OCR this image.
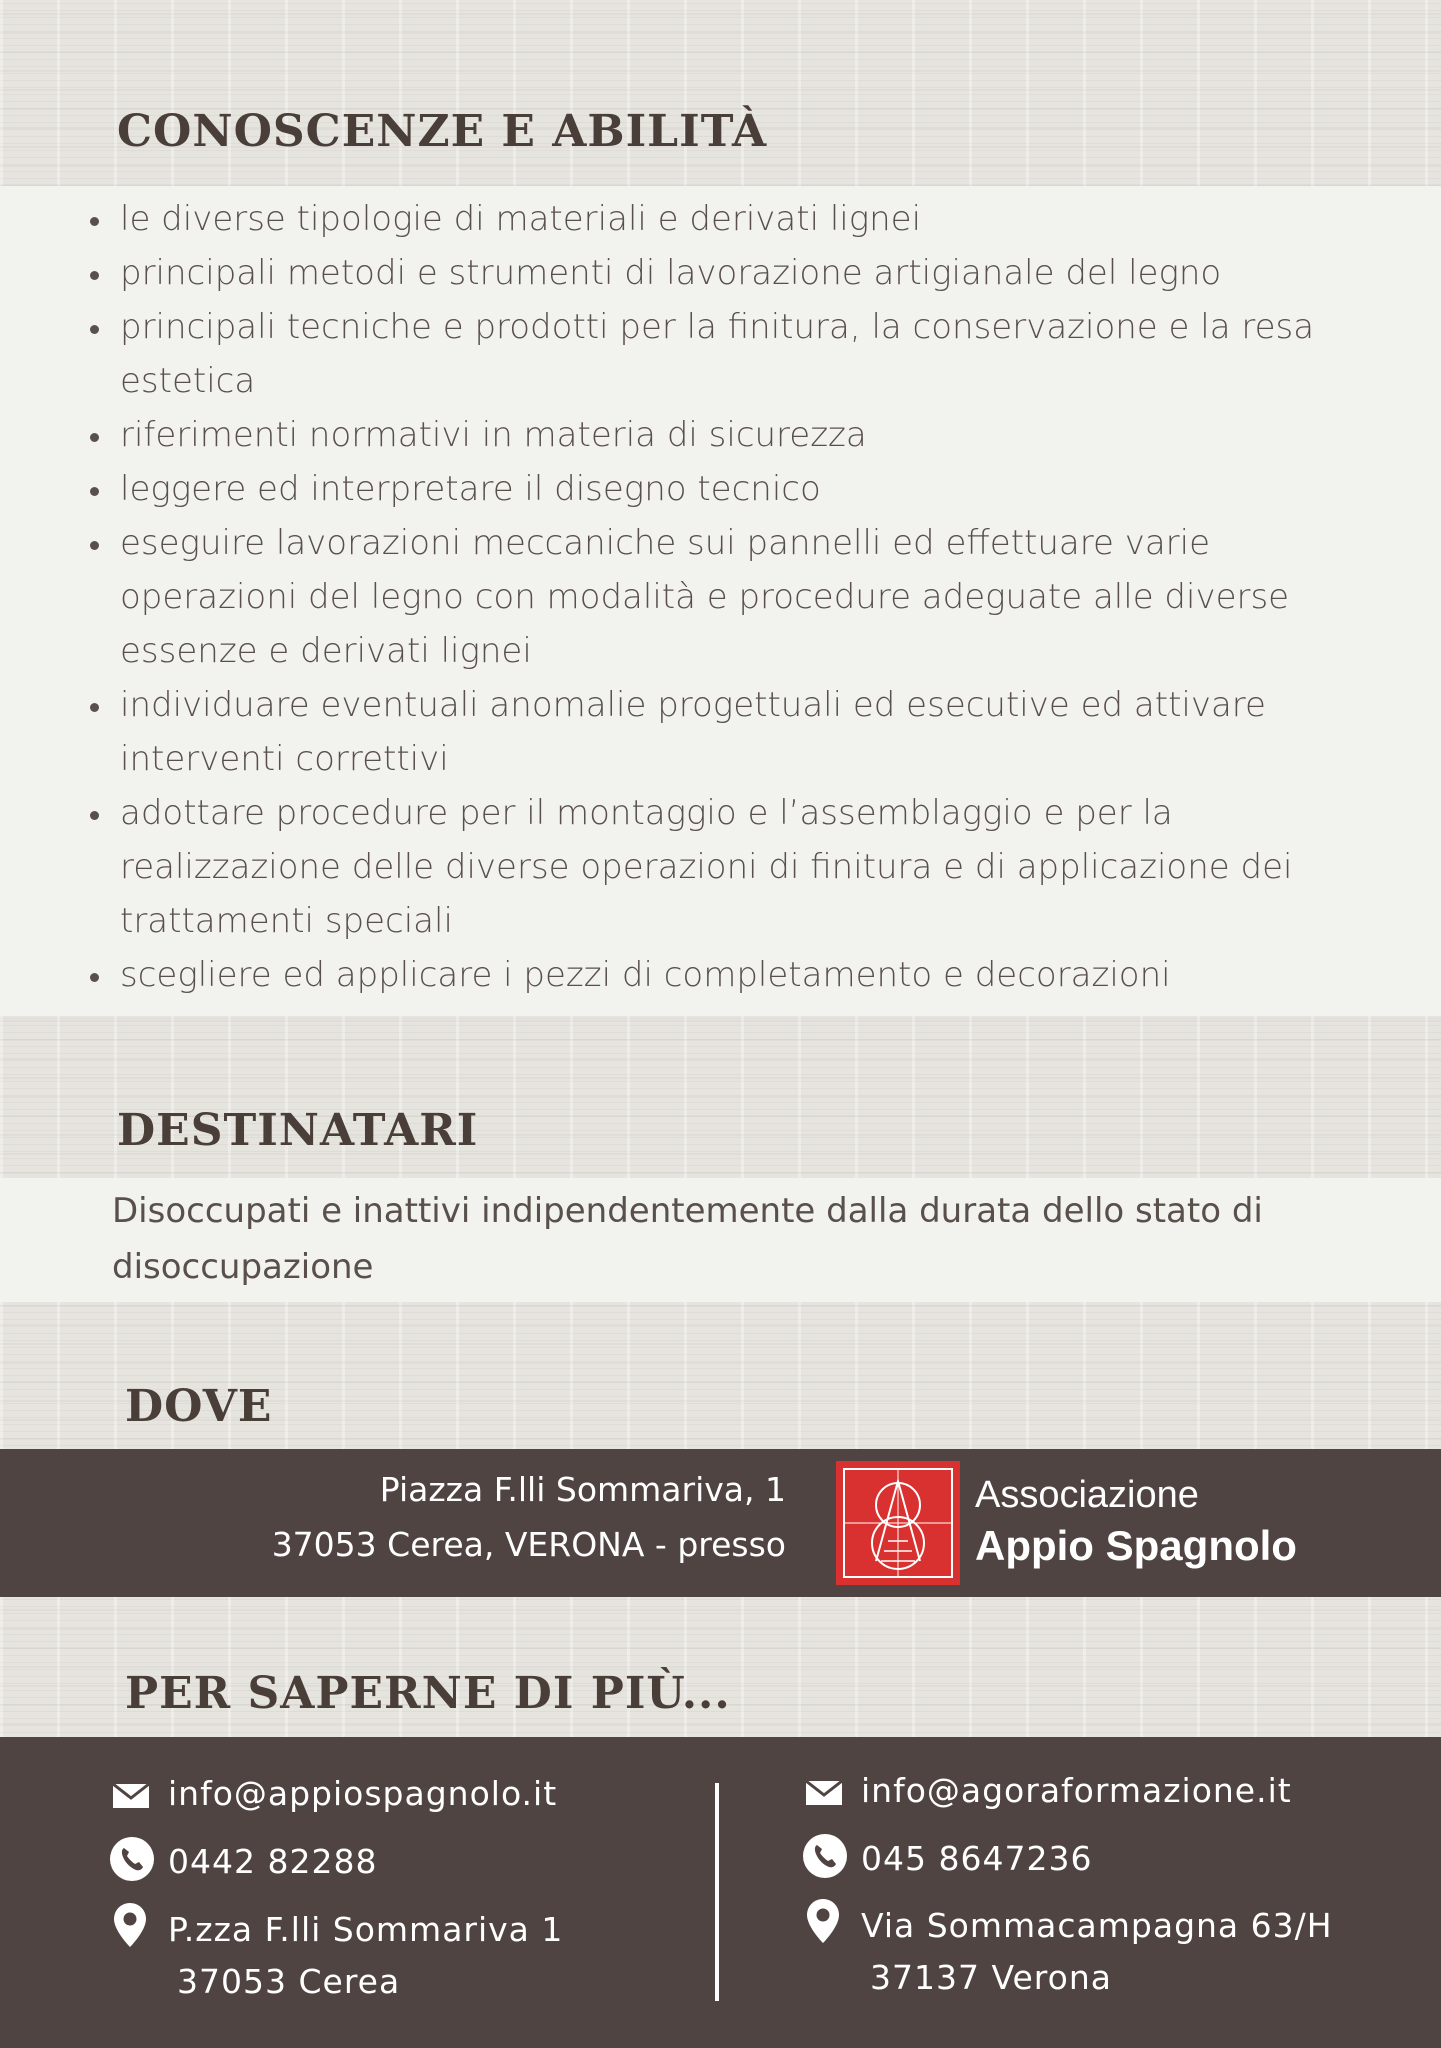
CONOSCENZE E ABILITÀ
le diverse tipologie di materiali e derivati lignei
principali metodi e strumenti di lavorazione artigianale del legno
principali tecniche e prodotti per la finitura, la conservazione e la resa estetica
riferimenti normativi in materia di sicurezza
leggere ed interpretare il disegno tecnico
eseguire lavorazioni meccaniche sui pannelli ed effettuare varie operazioni del legno con modalità e procedure adeguate alle diverse essenze e derivati lignei
individuare eventuali anomalie progettuali ed esecutive ed attivare interventi correttivi
adottare procedure per il montaggio e l’assemblaggio e per la realizzazione delle diverse operazioni di finitura e di applicazione dei trattamenti speciali
scegliere ed applicare i pezzi di completamento e decorazioni
DESTINATARI
Disoccupati e inattivi indipendentemente dalla durata dello stato di disoccupazione
DOVE
Piazza F.lli Sommariva, 1
37053 Cerea, VERONA - presso
Associazione
Appio Spagnolo
PER SAPERNE DI PIÙ...
info@appiospagnolo.it
0442 82288
P.zza F.lli Sommariva 1
37053 Cerea
info@agoraformazione.it
045 8647236
Via Sommacampagna 63/H
37137 Verona
